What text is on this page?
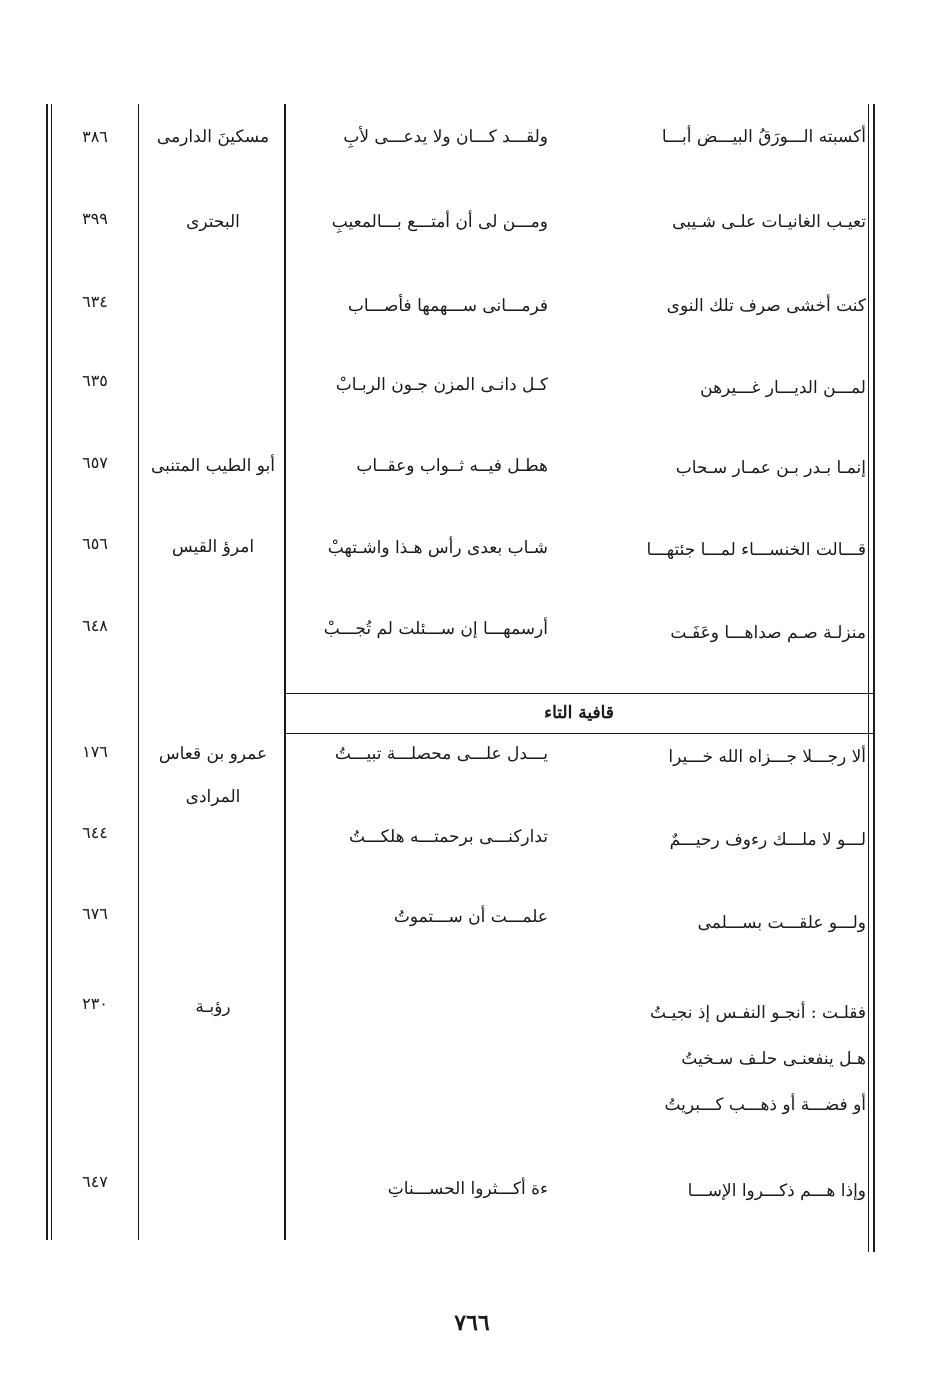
أكسبته الـــورَقُ البيـــض أبـــا
ولقـــد كـــان ولا يدعـــى لأبِ
مسكينَ الدارمى
٣٨٦
تعيـب الغانيـات علـى شـيبى
ومـــن لى أن أمتـــع بـــالمعيبِ
البحترى
٣٩٩
كنت أخشى صرف تلك النوى
فرمـــانى ســـهمها فأصـــاب
٦٣٤
لمـــن الديـــار غـــيرهن
كـل دانـى المزن جـون الربـابْ
٦٣٥
إنمـا بـدر بـن عمـار سـحاب
هطـل فيــه ثــواب وعقــاب
أبو الطيب المتنبى
٦٥٧
قـــالت الخنســـاء لمـــا جئتهـــا
شـاب بعدى رأس هـذا واشـتهبْ
امرؤ القيس
٦٥٦
منزلـة صـم صداهـــا وعَفَـت
أرسمهـــا إن ســـئلت لم تُجـــبْ
٦٤٨
قافية التاء
ألا رجـــلا جـــزاه الله خـــيرا
يـــدل علـــى محصلـــة تبيـــتُ
عمرو بن قعاس
المرادى
١٧٦
لـــو لا ملـــك رءوف رحيـــمٌ
تداركنـــى برحمتـــه هلكـــتُ
٦٤٤
ولـــو علقـــت بســـلمى
علمـــت أن ســـتموتُ
٦٧٦
فقلـت : أنجـو النفـس إذ نجيـتُ
هـل ينفعنـى حلـف سـخيتُ
أو فضـــة أو ذهـــب كـــبريتُ
رؤبـة
٢٣٠
وإذا هـــم ذكـــروا الإســـا
ءة أكـــثروا الحســـناتِ
٦٤٧
٧٦٦
